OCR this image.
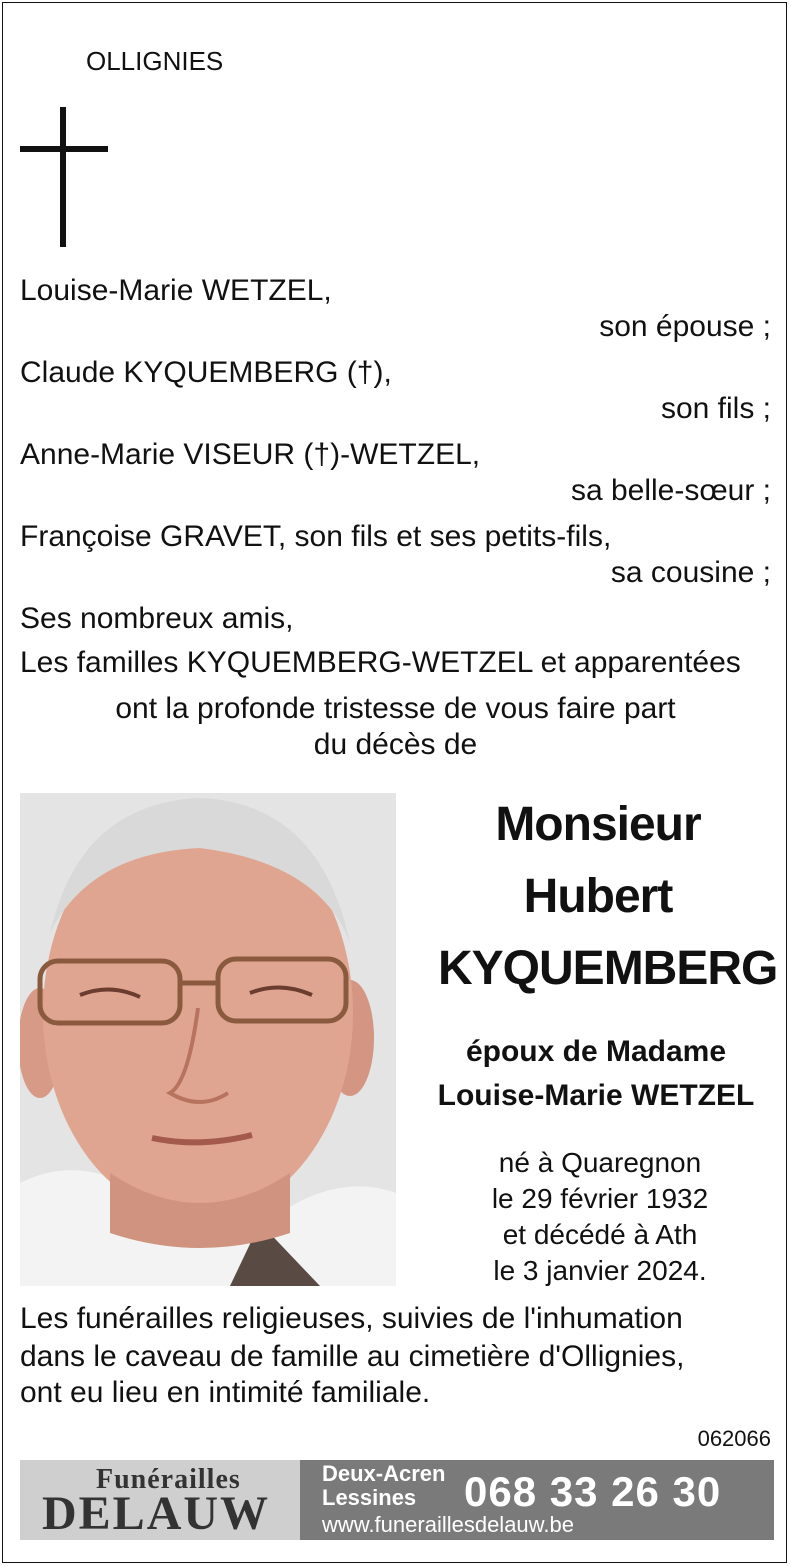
OLLIGNIES
Louise-Marie WETZEL,
son épouse ;
Claude KYQUEMBERG (†),
son fils ;
Anne-Marie VISEUR (†)-WETZEL,
sa belle-sœur ;
Françoise GRAVET, son fils et ses petits-fils,
sa cousine ;
Ses nombreux amis,
Les familles KYQUEMBERG-WETZEL et apparentées
ont la profonde tristesse de vous faire part
du décès de
Monsieur
Hubert
KYQUEMBERG
époux de Madame
Louise-Marie WETZEL
né à Quaregnon
le 29 février 1932
et décédé à Ath
le 3 janvier 2024.
Les funérailles religieuses, suivies de l'inhumation
dans le caveau de famille au cimetière d'Ollignies,
ont eu lieu en intimité familiale.
062066
Funérailles
DELAUW
Deux-Acren
Lessines 068 33 26 30
www.funeraillesdelauw.be
